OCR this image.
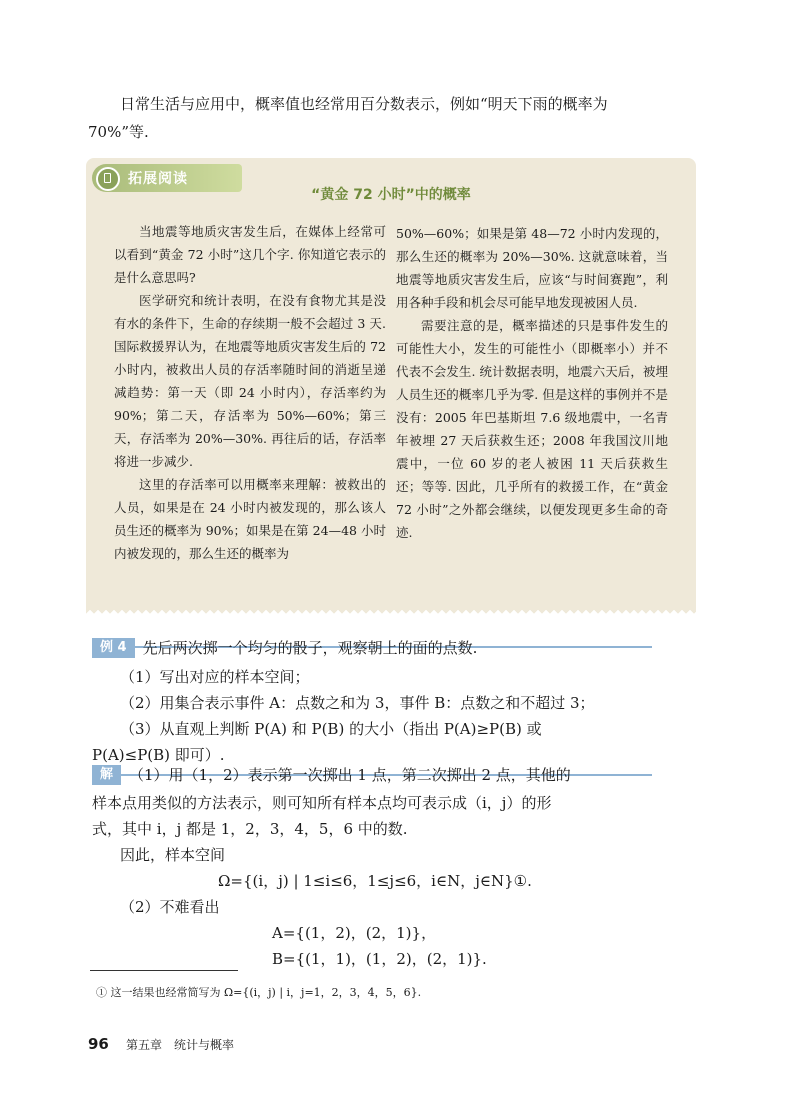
日常生活与应用中，概率值也经常用百分数表示，例如“明天下雨的概率为70%”等.

拓展阅读
“黄金 72 小时”中的概率

当地震等地质灾害发生后，在媒体上经常可以看到“黄金 72 小时”这几个字. 你知道它表示的是什么意思吗?

医学研究和统计表明，在没有食物尤其是没有水的条件下，生命的存续期一般不会超过 3 天. 国际救援界认为，在地震等地质灾害发生后的 72 小时内，被救出人员的存活率随时间的消逝呈递减趋势：第一天（即 24 小时内），存活率约为 90%；第二天，存活率为 50%—60%；第三天，存活率为 20%—30%. 再往后的话，存活率将进一步减少.

这里的存活率可以用概率来理解：被救出的人员，如果是在 24 小时内被发现的，那么该人员生还的概率为 90%；如果是在第 24—48 小时内被发现的，那么生还的概率为

50%—60%；如果是第 48—72 小时内发现的，那么生还的概率为 20%—30%. 这就意味着，当地震等地质灾害发生后，应该“与时间赛跑”，利用各种手段和机会尽可能早地发现被困人员.

需要注意的是，概率描述的只是事件发生的可能性大小，发生的可能性小（即概率小）并不代表不会发生. 统计数据表明，地震六天后，被埋人员生还的概率几乎为零. 但是这样的事例并不是没有：2005 年巴基斯坦 7.6 级地震中，一名青年被埋 27 天后获救生还；2008 年我国汶川地震中，一位 60 岁的老人被困 11 天后获救生还；等等. 因此，几乎所有的救援工作，在“黄金 72 小时”之外都会继续，以便发现更多生命的奇迹.

例 4 先后两次掷一个均匀的骰子，观察朝上的面的点数.
（1）写出对应的样本空间；
（2）用集合表示事件 A：点数之和为 3，事件 B：点数之和不超过 3；
（3）从直观上判断 P(A) 和 P(B) 的大小（指出 P(A)≥P(B) 或
P(A)≤P(B) 即可）.
解 （1）用（1，2）表示第一次掷出 1 点，第二次掷出 2 点，其他的
样本点用类似的方法表示，则可知所有样本点均可表示成（i，j）的形
式，其中 i，j 都是 1，2，3，4，5，6 中的数.
因此，样本空间
Ω={(i，j) | 1≤i≤6，1≤j≤6，i∈N，j∈N}①.
（2）不难看出
A={(1，2)，(2，1)}，
B={(1，1)，(1，2)，(2，1)}.
① 这一结果也经常简写为 Ω={(i，j) | i，j=1，2，3，4，5，6}.
96 第五章　统计与概率
